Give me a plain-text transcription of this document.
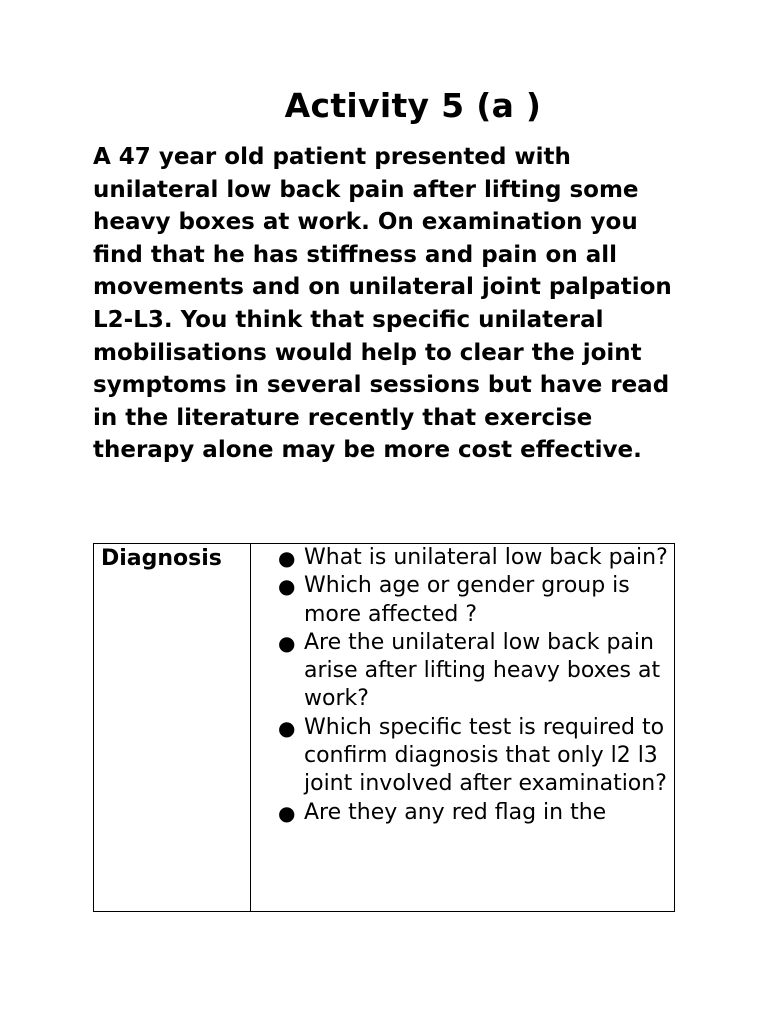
Activity 5 (a )

A 47 year old patient presented with unilateral low back pain after lifting some heavy boxes at work. On examination you find that he has stiffness and pain on all movements and on unilateral joint palpation L2-L3. You think that specific unilateral mobilisations would help to clear the joint symptoms in several sessions but have read in the literature recently that exercise therapy alone may be more cost effective.

Diagnosis	● What is unilateral low back pain?
● Which age or gender group is more affected ?
● Are the unilateral low back pain arise after lifting heavy boxes at work?
● Which specific test is required to confirm diagnosis that only l2 l3 joint involved after examination?
● Are they any red flag in the
